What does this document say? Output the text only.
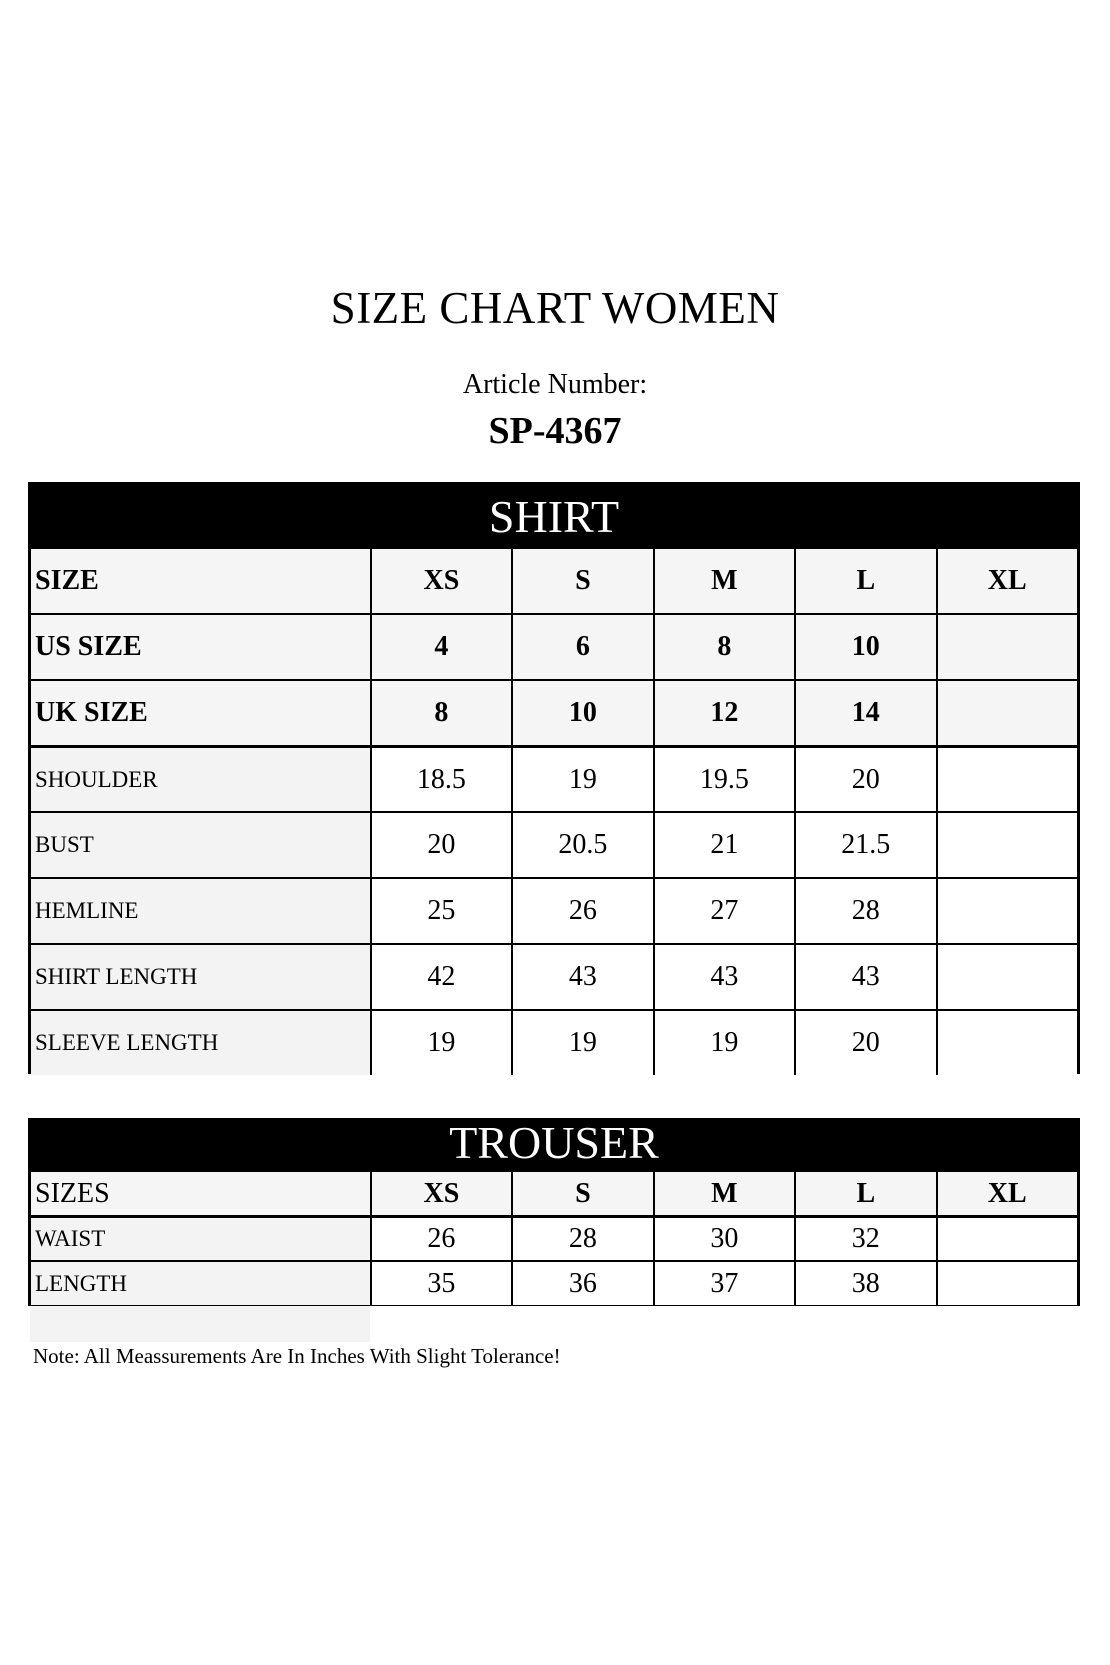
SIZE CHART WOMEN
Article Number:
SP-4367
SHIRT
SIZE	XS	S	M	L	XL
US SIZE	4	6	8	10
UK SIZE	8	10	12	14
SHOULDER	18.5	19	19.5	20
BUST	20	20.5	21	21.5
HEMLINE	25	26	27	28
SHIRT LENGTH	42	43	43	43
SLEEVE LENGTH	19	19	19	20
TROUSER
SIZES	XS	S	M	L	XL
WAIST	26	28	30	32
LENGTH	35	36	37	38
Note: All Meassurements Are In Inches With Slight Tolerance!
